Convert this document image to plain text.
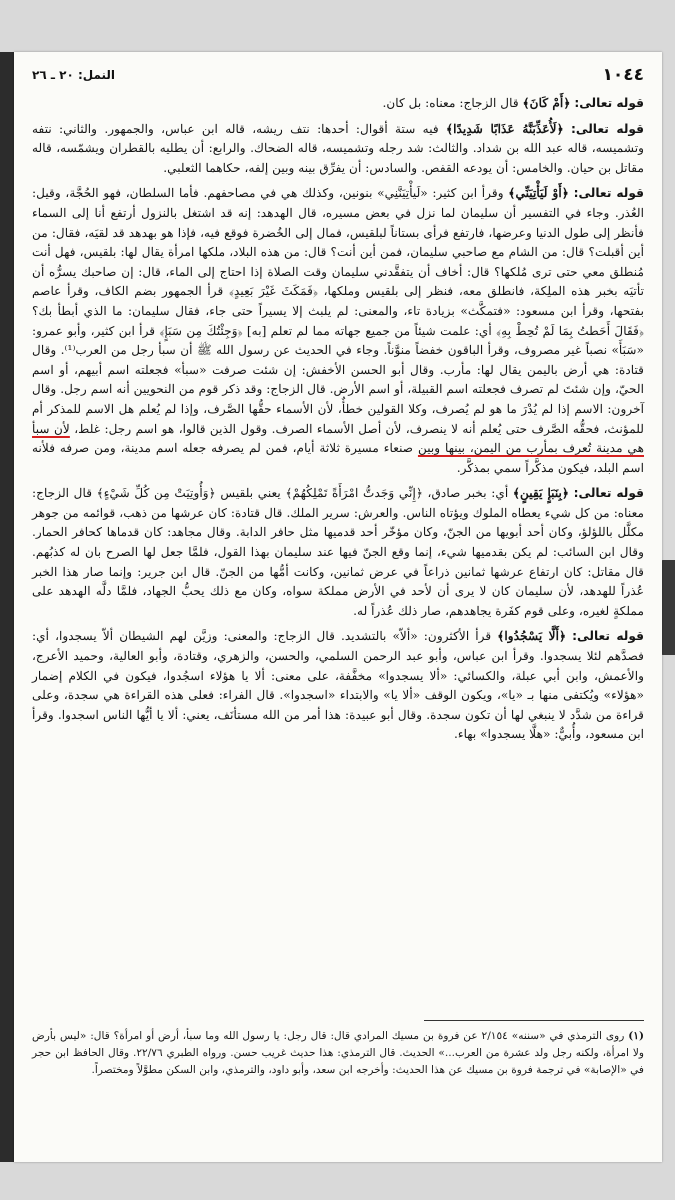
١٠٤٤
النمل: ٢٠ ـ ٢٦

قوله تعالى: ﴿أَمْ كَانَ﴾ قال الزجاج: معناه: بل كان.

قوله تعالى: ﴿لَأُعَذِّبَنَّهُ عَذَابًا شَدِيدًا﴾ فيه ستة أقوال: أحدها: نتف ريشه، قاله ابن عباس، والجمهور. والثاني: نتفه وتشميسه، قاله عبد الله بن شداد. والثالث: شد رجله وتشميسه، قاله الضحاك. والرابع: أن يطليه بالقطران ويشمّسه، قاله مقاتل بن حيان. والخامس: أن يودعه القفص. والسادس: أن يفرِّق بينه وبين إلفه، حكاهما الثعلبي.

قوله تعالى: ﴿أَوْ لَيَأْتِيَنِّي﴾ وقرأ ابن كثير: «لَيأْتِيَنَّنِي» بنونين، وكذلك هي في مصاحفهم. فأما السلطان، فهو الحُجَّة، وقيل: العُذر. وجاء في التفسير أن سليمان لما نزل في بعض مسيره، قال الهدهد: إنه قد اشتغل بالنزول أرتفع أنا إلى السماء فأنظر إلى طول الدنيا وعرضها، فارتفع فرأى بستاناً لبلقيس، فمال إلى الخُضرة فوقع فيه، فإذا هو بهدهد قد لقيَه، فقال: من أين أقبلت؟ قال: من الشام مع صاحبي سليمان، فمن أين أنت؟ قال: من هذه البلاد، ملكها امرأة يقال لها: بلقيس، فهل أنت مُنطلق معي حتى ترى مُلكها؟ قال: أخاف أن يتفقَّدني سليمان وقت الصلاة إذا احتاج إلى الماء، قال: إن صاحبك يسرُّه أن تأتيَه بخبر هذه الملِكة، فانطلق معه، فنظر إلى بلقيس وملكها، ﴿فَمَكَثَ غَيْرَ بَعِيدٍ﴾ قرأ الجمهور بضم الكاف، وقرأ عاصم بفتحها، وقرأ ابن مسعود: «فتمكَّث» بزيادة تاء، والمعنى: لم يلبث إلا يسيراً حتى جاء، فقال سليمان: ما الذي أبطأ بك؟ ﴿فَقَالَ أَحَطتُ بِمَا لَمْ تُحِطْ بِهِ﴾ أي: علمت شيئاً من جميع جهاته مما لم تعلم [به] ﴿وَجِئْتُكَ مِن سَبَإٍ﴾ قرأ ابن كثير، وأبو عمرو: «سَبَأَ» نصباً غير مصروف، وقرأ الباقون خفضاً منوَّناً. وجاء في الحديث عن رسول الله ﷺ أن سبأ رجل من العرب⁽¹⁾. وقال قتادة: هي أرض باليمن يقال لها: مأرب. وقال أبو الحسن الأخفش: إن شئت صرفت «سبأ» فجعلته اسم أبيهم، أو اسم الحيّ، وإن شئتَ لم تصرف فجعلته اسم القبيلة، أو اسم الأرض. قال الزجاج: وقد ذكر قوم من النحويين أنه اسم رجل. وقال آخرون: الاسم إذا لم يُدْرَ ما هو لم يُصرف، وكلا القولين خطأٌ، لأن الأسماء حقُّها الصَّرف، وإذا لم يُعلم هل الاسم للمذكر أم للمؤنث، فحقُّه الصَّرف حتى يُعلم أنه لا ينصرف، لأن أصل الأسماء الصرف. وقول الذين قالوا، هو اسم رجل: غلط، لأن سبأ هي مدينة تُعرف بمأرب من اليمن، بينها وبين صنعاء مسيرة ثلاثة أيام، فمن لم يصرفه جعله اسم مدينة، ومن صرفه فلأنه اسم البلد، فيكون مذكَّراً سمي بمذكَّر.

قوله تعالى: ﴿بِنَبَإٍ يَقِينٍ﴾ أي: بخبر صادق، ﴿إِنِّي وَجَدتُّ امْرَأَةً تَمْلِكُهُمْ﴾ يعني بلقيس ﴿وَأُوتِيَتْ مِن كُلِّ شَيْءٍ﴾ قال الزجاج: معناه: من كل شيء يعطاه الملوك ويؤتاه الناس. والعرش: سرير الملك. قال قتادة: كان عرشها من ذهب، قوائمه من جوهر مكلَّل باللؤلؤ، وكان أحد أبويها من الجنّ، وكان مؤخّر أحد قدميها مثل حافر الدابة. وقال مجاهد: كان قدماها كحافر الحمار. وقال ابن السائب: لم يكن بقدميها شيء، إنما وقع الجنّ فيها عند سليمان بهذا القول، فلمَّا جعل لها الصرح بان له كذبُهم. قال مقاتل: كان ارتفاع عرشها ثمانين ذراعاً في عرض ثمانين، وكانت أمُّها من الجنّ. قال ابن جرير: وإنما صار هذا الخبر عُذراً للهدهد، لأن سليمان كان لا يرى أن لأحد في الأرض مملكة سواه، وكان مع ذلك يحبُّ الجهاد، فلمَّا دلَّه الهدهد على مملكةٍ لغيره، وعلى قوم كفَرة يجاهدهم، صار ذلك عُذراً له.

قوله تعالى: ﴿أَلَّا يَسْجُدُوا﴾ قرأ الأكثرون: «ألاّ» بالتشديد. قال الزجاج: والمعنى: وزيَّن لهم الشيطان ألاّ يسجدوا، أي: فصدَّهم لئلا يسجدوا. وقرأ ابن عباس، وأبو عبد الرحمن السلمي، والحسن، والزهري، وقتادة، وأبو العالية، وحميد الأعرج، والأعمش، وابن أبي عبلة، والكسائي: «ألا يسجدوا» مخفَّفة، على معنى: ألا يا هؤلاء اسجُدوا، فيكون في الكلام إضمار «هؤلاء» ويُكتفى منها بـ «يا»، ويكون الوقف «ألا يا» والابتداء «اسجدوا». قال الفراء: فعلى هذه القراءة هي سجدة، وعلى قراءة من شدَّد لا ينبغي لها أن تكون سجدة. وقال أبو عبيدة: هذا أمر من الله مستأنَف، يعني: ألا يا أيُّها الناس اسجدوا. وقرأ ابن مسعود، وأُبيٌّ: «هلَّا يسجدوا» بهاء.

(١) روى الترمذي في «سننه» ٢/١٥٤ عن فروة بن مسيك المرادي قال: قال رجل: يا رسول الله وما سبأ، أرض أو امرأة؟ قال: «ليس بأرض ولا امرأة، ولكنه رجل ولد عشرة من العرب...» الحديث. قال الترمذي: هذا حديث غريب حسن. ورواه الطبري ٢٢/٧٦. وقال الحافظ ابن حجر في «الإصابة» في ترجمة فروة بن مسيك عن هذا الحديث: وأخرجه ابن سعد، وأبو داود، والترمذي، وابن السكن مطوَّلاً ومختصراً.
